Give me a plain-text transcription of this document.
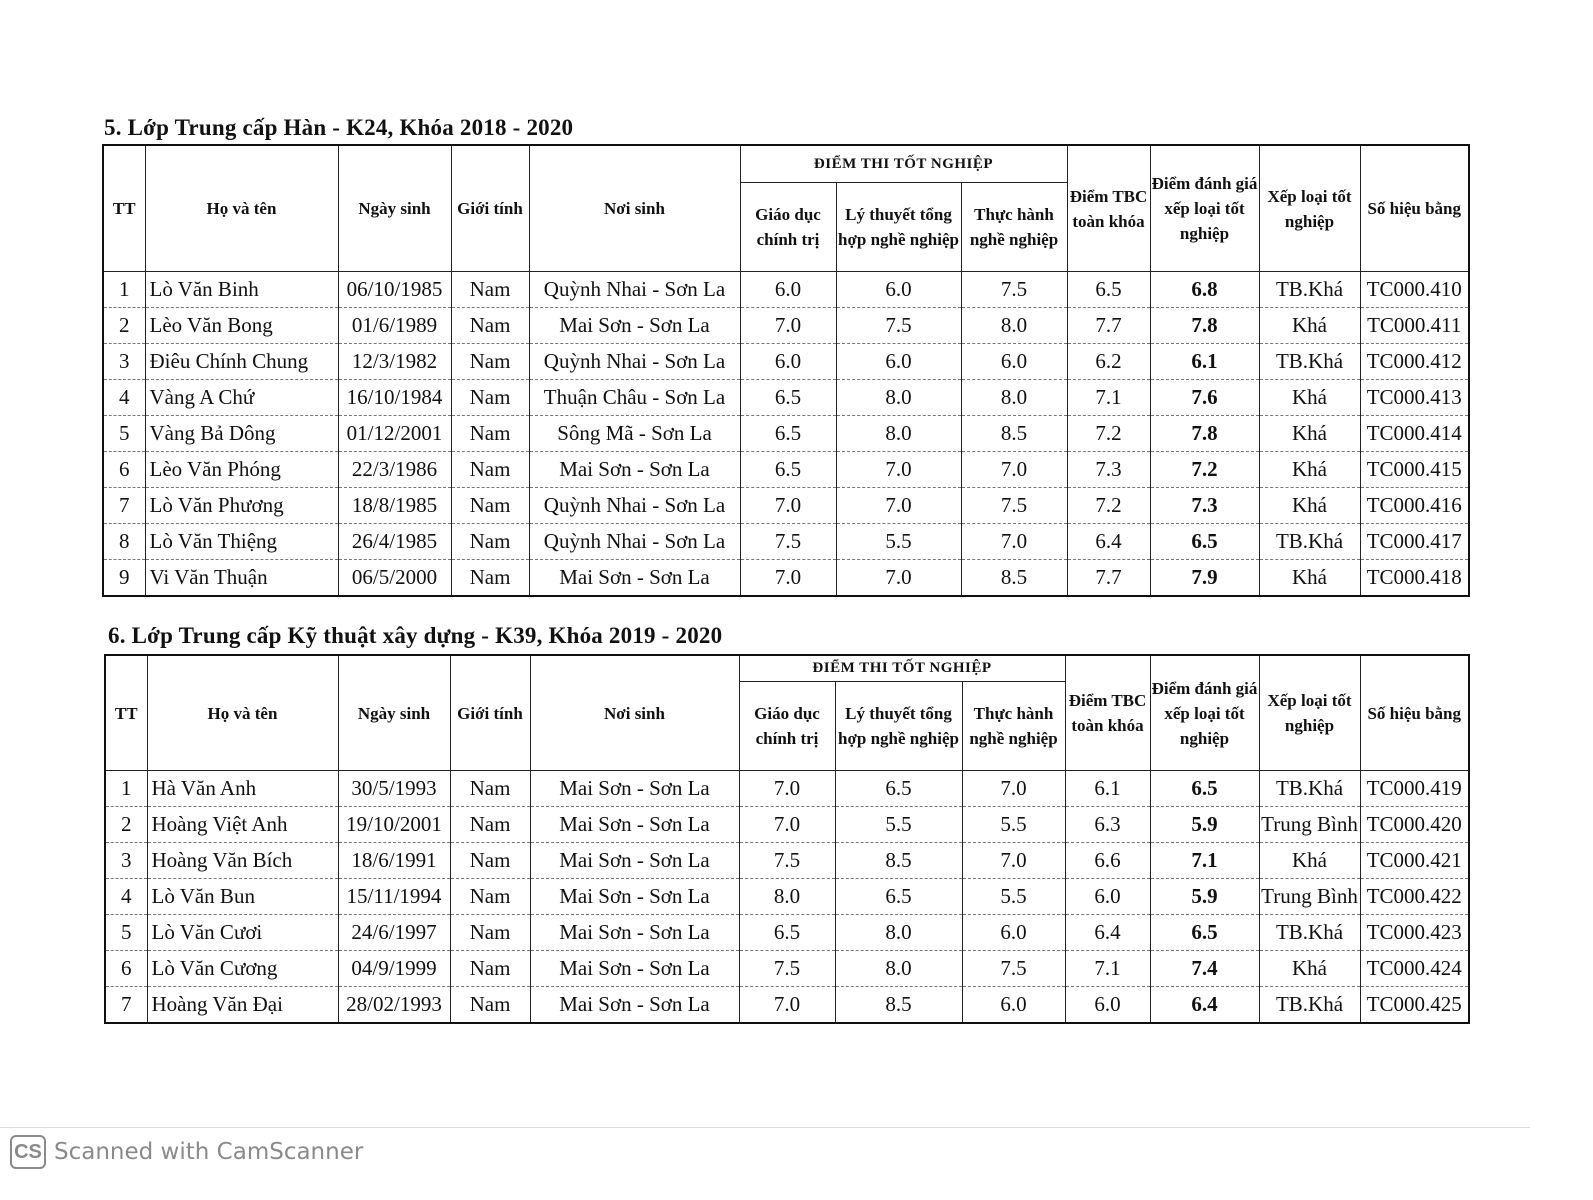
5. Lớp Trung cấp Hàn - K24, Khóa 2018 - 2020
TT	Họ và tên	Ngày sinh	Giới tính	Nơi sinh	ĐIỂM THI TỐT NGHIỆP			Điểm TBC toàn khóa	Điểm đánh giá xếp loại tốt nghiệp	Xếp loại tốt nghiệp	Số hiệu bằng
					Giáo dục chính trị	Lý thuyết tổng hợp nghề nghiệp	Thực hành nghề nghiệp				
1	Lò Văn Binh	06/10/1985	Nam	Quỳnh Nhai - Sơn La	6.0	6.0	7.5	6.5	6.8	TB.Khá	TC000.410
2	Lèo Văn Bong	01/6/1989	Nam	Mai Sơn - Sơn La	7.0	7.5	8.0	7.7	7.8	Khá	TC000.411
3	Điêu Chính Chung	12/3/1982	Nam	Quỳnh Nhai - Sơn La	6.0	6.0	6.0	6.2	6.1	TB.Khá	TC000.412
4	Vàng A Chứ	16/10/1984	Nam	Thuận Châu - Sơn La	6.5	8.0	8.0	7.1	7.6	Khá	TC000.413
5	Vàng Bả Dông	01/12/2001	Nam	Sông Mã - Sơn La	6.5	8.0	8.5	7.2	7.8	Khá	TC000.414
6	Lèo Văn Phóng	22/3/1986	Nam	Mai Sơn - Sơn La	6.5	7.0	7.0	7.3	7.2	Khá	TC000.415
7	Lò Văn Phương	18/8/1985	Nam	Quỳnh Nhai - Sơn La	7.0	7.0	7.5	7.2	7.3	Khá	TC000.416
8	Lò Văn Thiệng	26/4/1985	Nam	Quỳnh Nhai - Sơn La	7.5	5.5	7.0	6.4	6.5	TB.Khá	TC000.417
9	Vi Văn Thuận	06/5/2000	Nam	Mai Sơn - Sơn La	7.0	7.0	8.5	7.7	7.9	Khá	TC000.418
6. Lớp Trung cấp Kỹ thuật xây dựng - K39, Khóa 2019 - 2020
TT	Họ và tên	Ngày sinh	Giới tính	Nơi sinh	ĐIỂM THI TỐT NGHIỆP			Điểm TBC toàn khóa	Điểm đánh giá xếp loại tốt nghiệp	Xếp loại tốt nghiệp	Số hiệu bằng
					Giáo dục chính trị	Lý thuyết tổng hợp nghề nghiệp	Thực hành nghề nghiệp				
1	Hà Văn Anh	30/5/1993	Nam	Mai Sơn - Sơn La	7.0	6.5	7.0	6.1	6.5	TB.Khá	TC000.419
2	Hoàng Việt Anh	19/10/2001	Nam	Mai Sơn - Sơn La	7.0	5.5	5.5	6.3	5.9	Trung Bình	TC000.420
3	Hoàng Văn Bích	18/6/1991	Nam	Mai Sơn - Sơn La	7.5	8.5	7.0	6.6	7.1	Khá	TC000.421
4	Lò Văn Bun	15/11/1994	Nam	Mai Sơn - Sơn La	8.0	6.5	5.5	6.0	5.9	Trung Bình	TC000.422
5	Lò Văn Cươi	24/6/1997	Nam	Mai Sơn - Sơn La	6.5	8.0	6.0	6.4	6.5	TB.Khá	TC000.423
6	Lò Văn Cương	04/9/1999	Nam	Mai Sơn - Sơn La	7.5	8.0	7.5	7.1	7.4	Khá	TC000.424
7	Hoàng Văn Đại	28/02/1993	Nam	Mai Sơn - Sơn La	7.0	8.5	6.0	6.0	6.4	TB.Khá	TC000.425
CS Scanned with CamScanner
